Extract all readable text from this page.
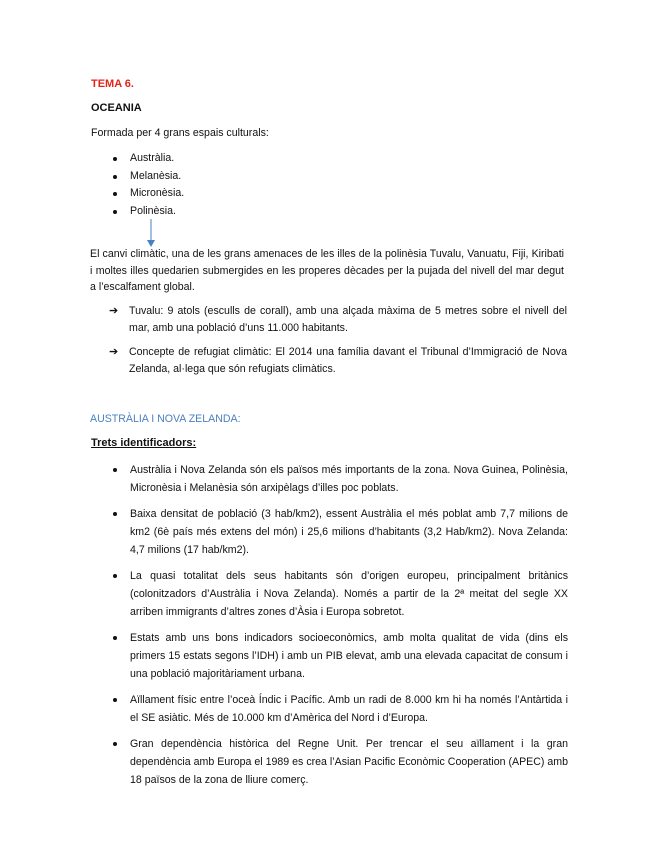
TEMA 6.
OCEANIA
Formada per 4 grans espais culturals:
Austràlia.
Melanèsia.
Micronèsia.
Polinèsia.
El canvi climàtic, una de les grans amenaces de les illes de la polinèsia Tuvalu, Vanuatu, Fiji, Kiribati i moltes illes quedarien submergides en les properes dècades per la pujada del nivell del mar degut a l’escalfament global.
➔ Tuvalu: 9 atols (esculls de corall), amb una alçada màxima de 5 metres sobre el nivell del mar, amb una població d’uns 11.000 habitants.
➔ Concepte de refugiat climàtic: El 2014 una família davant el Tribunal d’Immigració de Nova Zelanda, al·lega que són refugiats climàtics.
AUSTRÀLIA I NOVA ZELANDA:
Trets identificadors:
Austràlia i Nova Zelanda són els països més importants de la zona. Nova Guinea, Polinèsia, Micronèsia i Melanèsia són arxipèlags d’illes poc poblats.
Baixa densitat de població (3 hab/km2), essent Austràlia el més poblat amb 7,7 milions de km2 (6è país més extens del món) i 25,6 milions d’habitants (3,2 Hab/km2). Nova Zelanda: 4,7 milions (17 hab/km2).
La quasi totalitat dels seus habitants són d’origen europeu, principalment britànics (colonitzadors d’Austràlia i Nova Zelanda). Només a partir de la 2ª meitat del segle XX arriben immigrants d’altres zones d’Àsia i Europa sobretot.
Estats amb uns bons indicadors socioeconòmics, amb molta qualitat de vida (dins els primers 15 estats segons l’IDH) i amb un PIB elevat, amb una elevada capacitat de consum i una població majoritàriament urbana.
Aïllament físic entre l’oceà Índic i Pacífic. Amb un radi de 8.000 km hi ha només l’Antàrtida i el SE asiàtic. Més de 10.000 km d’Amèrica del Nord i d’Europa.
Gran dependència històrica del Regne Unit. Per trencar el seu aïllament i la gran dependència amb Europa el 1989 es crea l’Asian Pacific Econòmic Cooperation (APEC) amb 18 països de la zona de lliure comerç.
